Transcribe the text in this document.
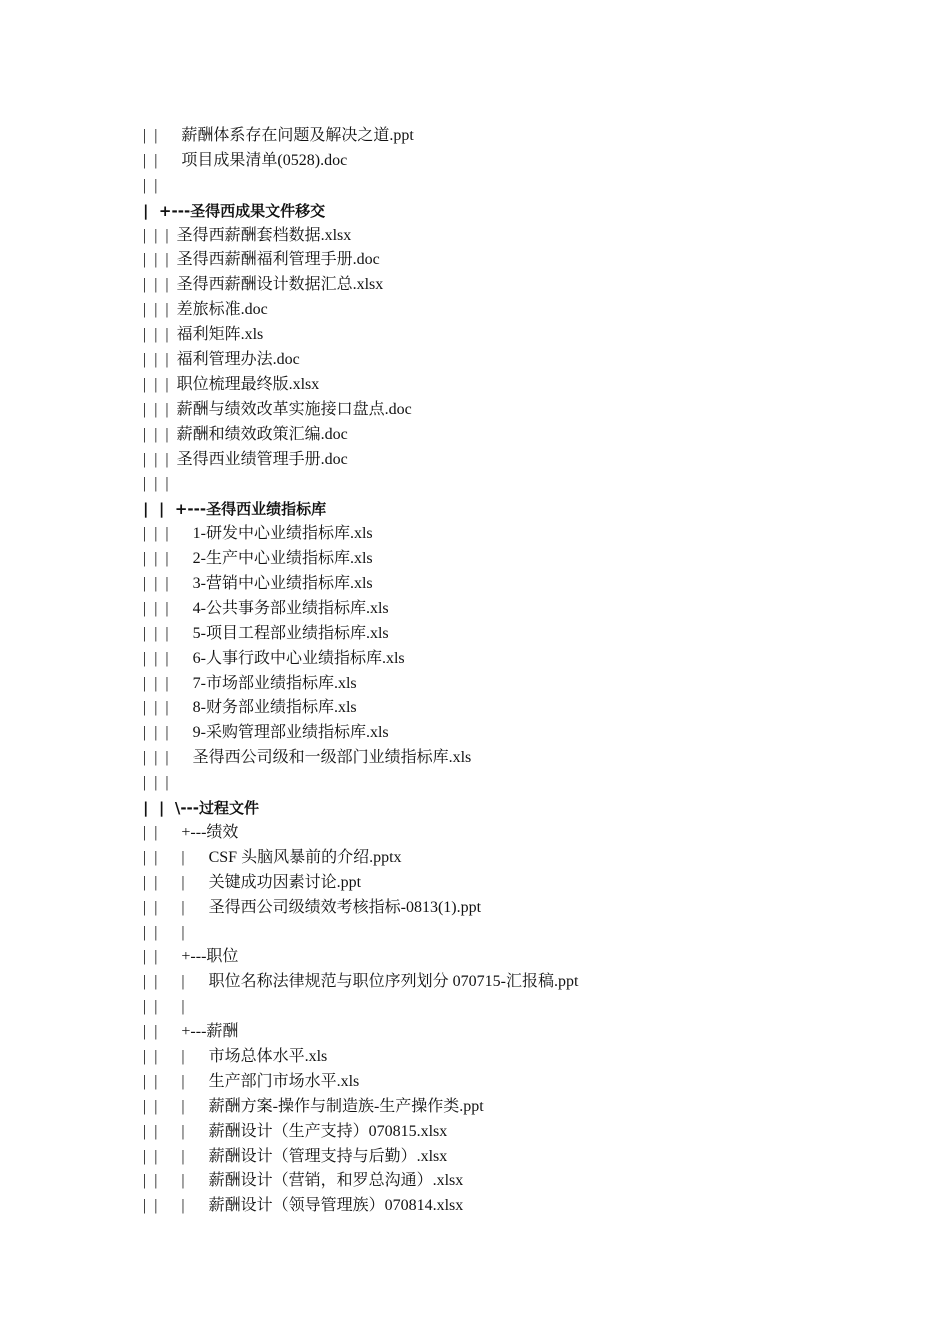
|  |      薪酬体系存在问题及解决之道.ppt
|  |      项目成果清单(0528).doc
|  |
|  +---圣得西成果文件移交
|  |  |  圣得西薪酬套档数据.xlsx
|  |  |  圣得西薪酬福利管理手册.doc
|  |  |  圣得西薪酬设计数据汇总.xlsx
|  |  |  差旅标准.doc
|  |  |  福利矩阵.xls
|  |  |  福利管理办法.doc
|  |  |  职位梳理最终版.xlsx
|  |  |  薪酬与绩效改革实施接口盘点.doc
|  |  |  薪酬和绩效政策汇编.doc
|  |  |  圣得西业绩管理手册.doc
|  |  |
|  |  +---圣得西业绩指标库
|  |  |      1-研发中心业绩指标库.xls
|  |  |      2-生产中心业绩指标库.xls
|  |  |      3-营销中心业绩指标库.xls
|  |  |      4-公共事务部业绩指标库.xls
|  |  |      5-项目工程部业绩指标库.xls
|  |  |      6-人事行政中心业绩指标库.xls
|  |  |      7-市场部业绩指标库.xls
|  |  |      8-财务部业绩指标库.xls
|  |  |      9-采购管理部业绩指标库.xls
|  |  |      圣得西公司级和一级部门业绩指标库.xls
|  |  |
|  |  \---过程文件
|  |      +---绩效
|  |      |      CSF 头脑风暴前的介绍.pptx
|  |      |      关键成功因素讨论.ppt
|  |      |      圣得西公司级绩效考核指标-0813(1).ppt
|  |      |
|  |      +---职位
|  |      |      职位名称法律规范与职位序列划分 070715-汇报稿.ppt
|  |      |
|  |      +---薪酬
|  |      |      市场总体水平.xls
|  |      |      生产部门市场水平.xls
|  |      |      薪酬方案-操作与制造族-生产操作类.ppt
|  |      |      薪酬设计（生产支持）070815.xlsx
|  |      |      薪酬设计（管理支持与后勤）.xlsx
|  |      |      薪酬设计（营销，和罗总沟通）.xlsx
|  |      |      薪酬设计（领导管理族）070814.xlsx
